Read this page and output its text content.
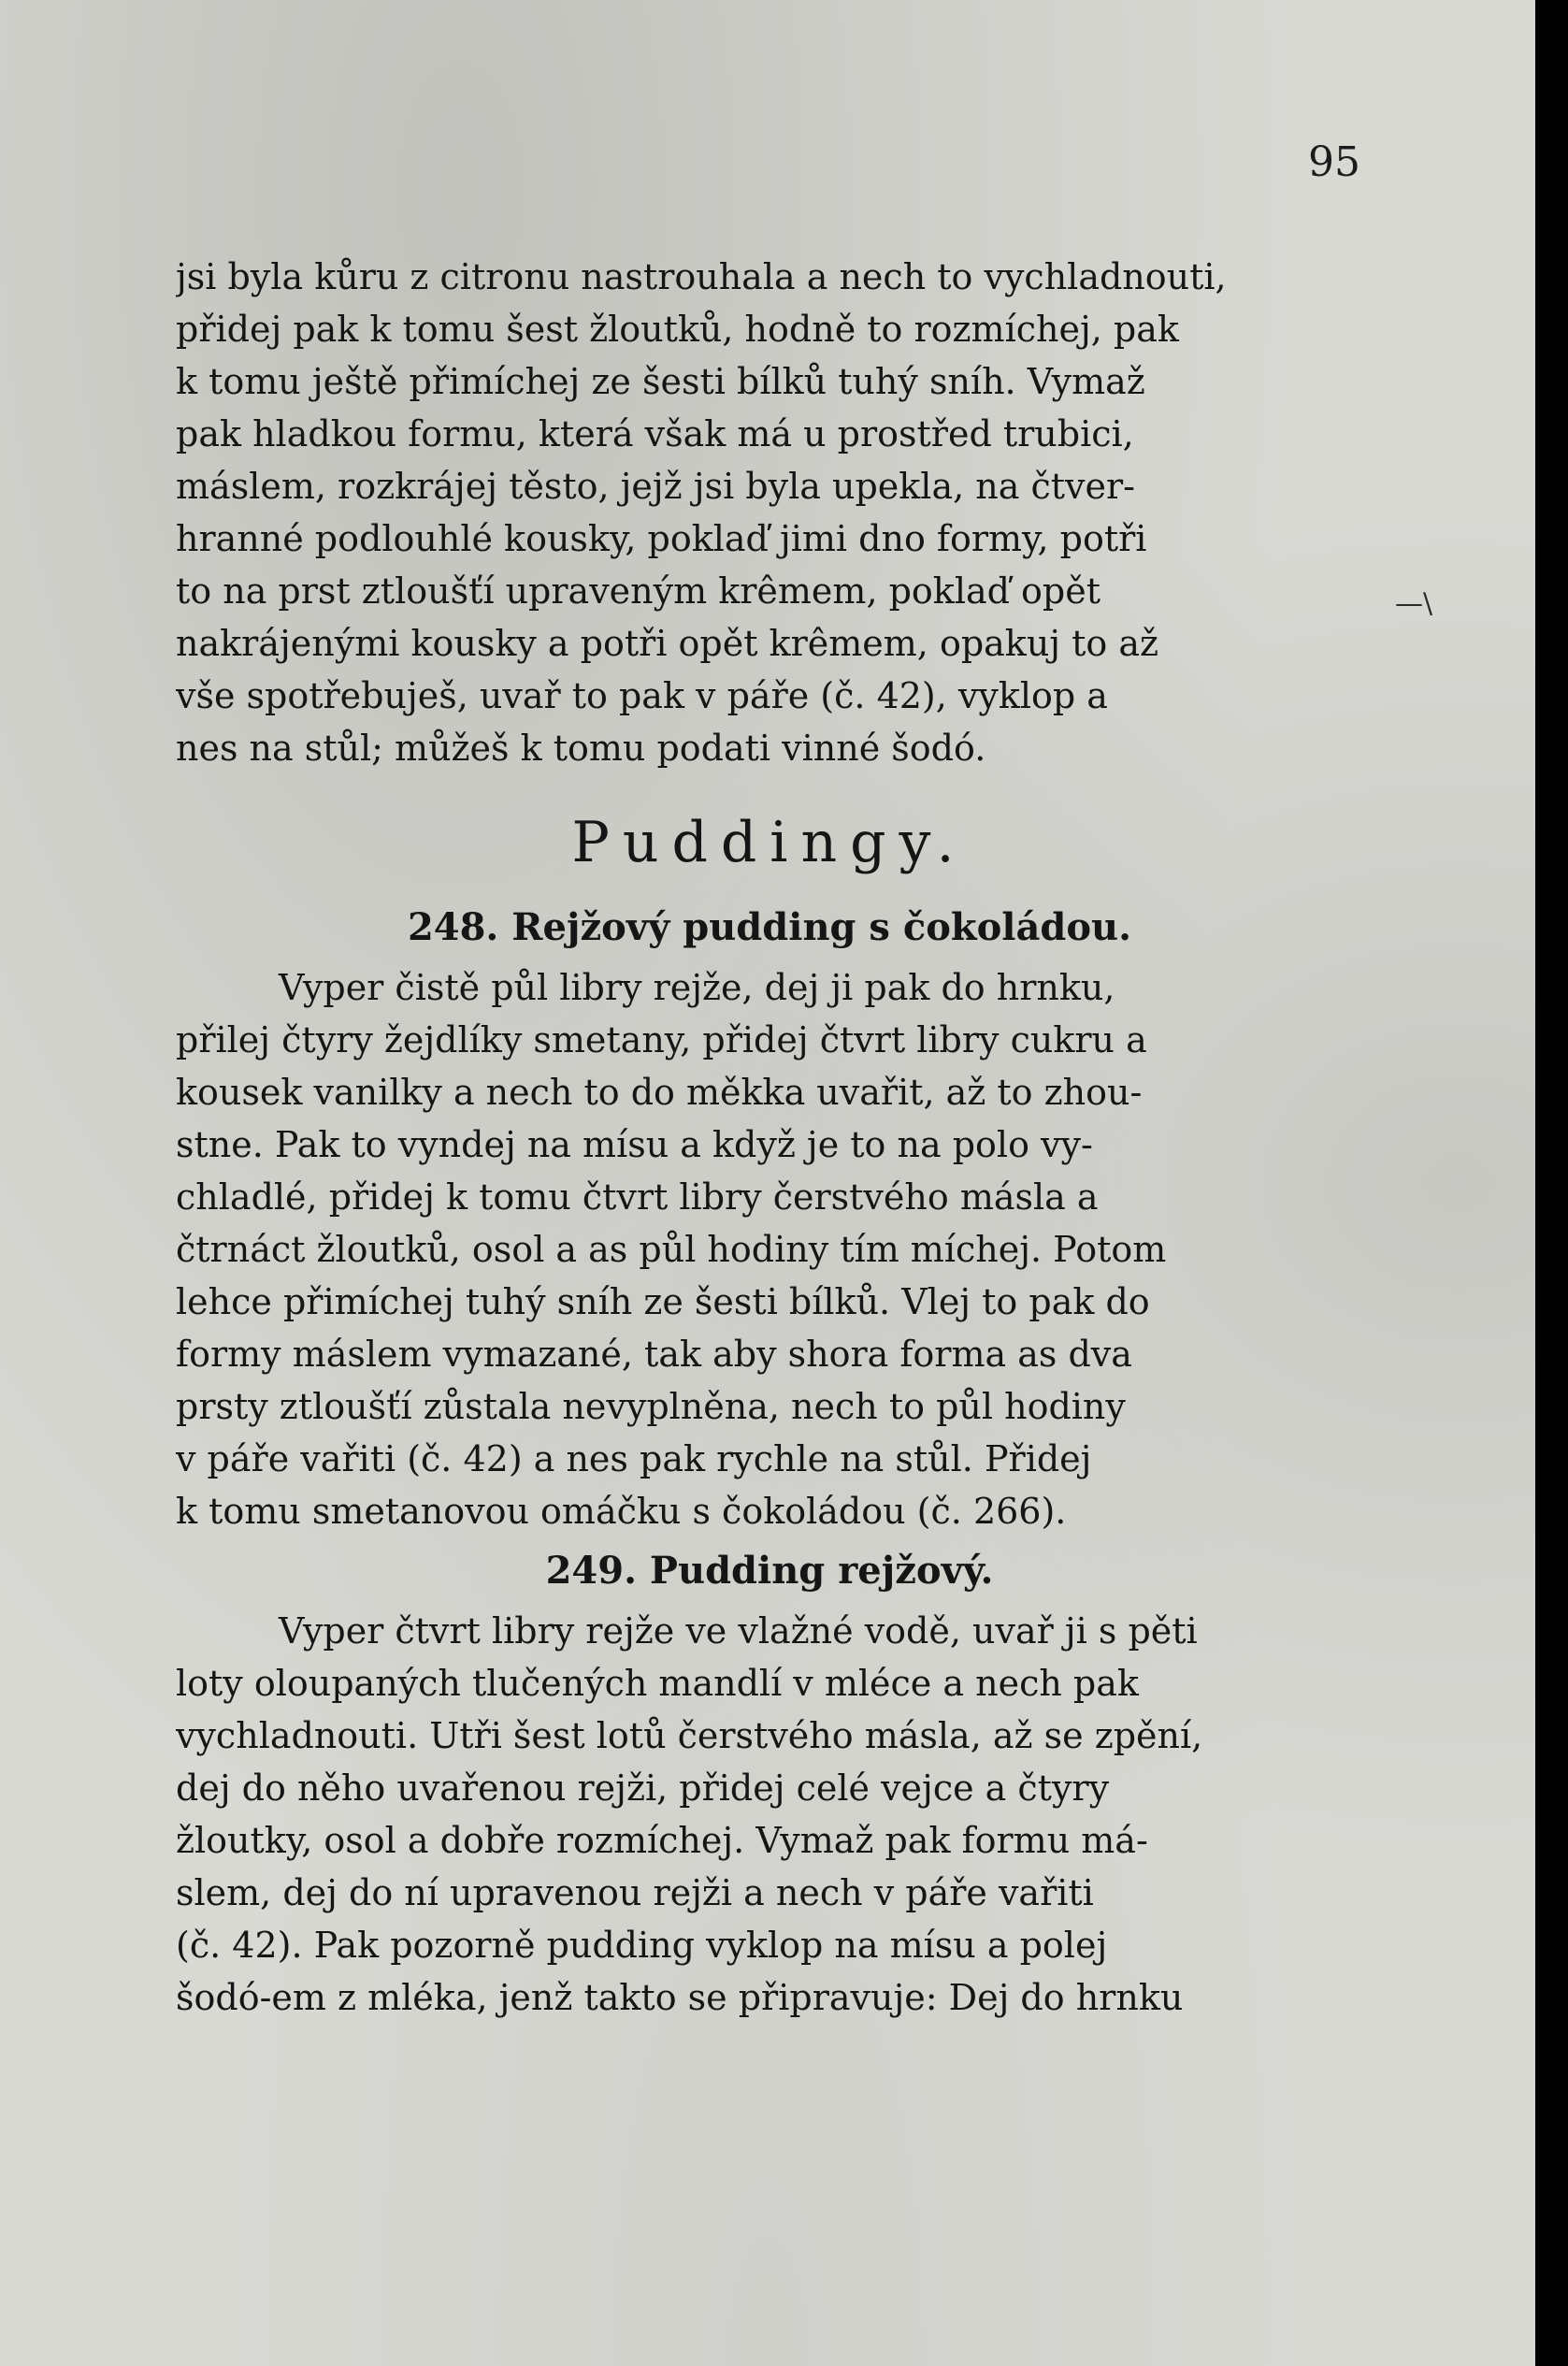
95
—\
jsi byla kůru z citronu nastrouhala a nech to vychladnouti,
přidej pak k tomu šest žloutků, hodně to rozmíchej, pak
k tomu ještě přimíchej ze šesti bílků tuhý sníh. Vymaž
pak hladkou formu, která však má u prostřed trubici,
máslem, rozkrájej těsto, jejž jsi byla upekla, na čtver-
hranné podlouhlé kousky, poklaď jimi dno formy, potři
to na prst ztloušťí upraveným krêmem, poklaď opět
nakrájenými kousky a potři opět krêmem, opakuj to až
vše spotřebuješ, uvař to pak v páře (č. 42), vyklop a
nes na stůl; můžeš k tomu podati vinné šodó.
Puddingy.
248. Rejžový pudding s čokoládou.
Vyper čistě půl libry rejže, dej ji pak do hrnku,
přilej čtyry žejdlíky smetany, přidej čtvrt libry cukru a
kousek vanilky a nech to do měkka uvařit, až to zhou-
stne. Pak to vyndej na mísu a když je to na polo vy-
chladlé, přidej k tomu čtvrt libry čerstvého másla a
čtrnáct žloutků, osol a as půl hodiny tím míchej. Potom
lehce přimíchej tuhý sníh ze šesti bílků. Vlej to pak do
formy máslem vymazané, tak aby shora forma as dva
prsty ztloušťí zůstala nevyplněna, nech to půl hodiny
v páře vařiti (č. 42) a nes pak rychle na stůl. Přidej
k tomu smetanovou omáčku s čokoládou (č. 266).
249. Pudding rejžový.
Vyper čtvrt libry rejže ve vlažné vodě, uvař ji s pěti
loty oloupaných tlučených mandlí v mléce a nech pak
vychladnouti. Utři šest lotů čerstvého másla, až se zpění,
dej do něho uvařenou rejži, přidej celé vejce a čtyry
žloutky, osol a dobře rozmíchej. Vymaž pak formu má-
slem, dej do ní upravenou rejži a nech v páře vařiti
(č. 42). Pak pozorně pudding vyklop na mísu a polej
šodó-em z mléka, jenž takto se připravuje: Dej do hrnku
